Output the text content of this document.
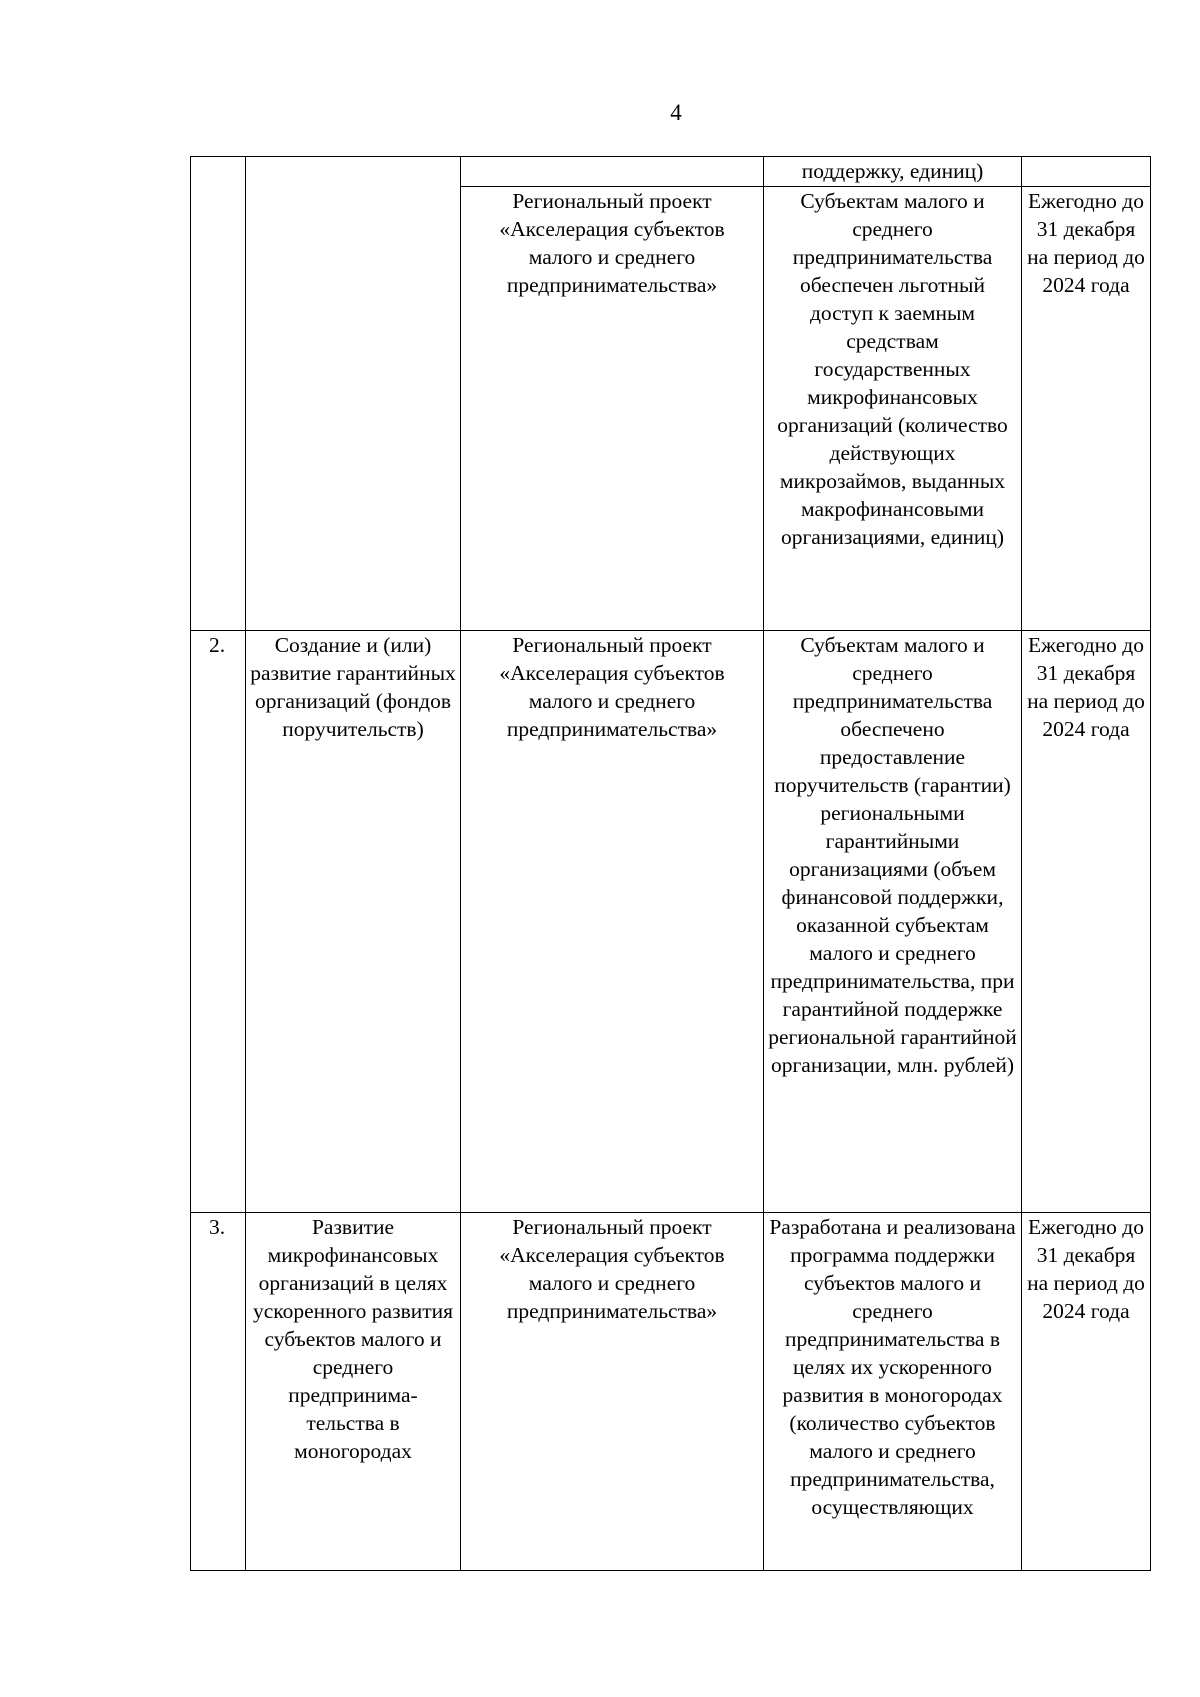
4
			поддержку, единиц)	
		Региональный проект «Акселерация субъектов малого и среднего предпринимательства»	Субъектам малого и среднего предпринимательства обеспечен льготный доступ к заемным средствам государственных микрофинансовых организаций (количество действующих микрозаймов, выданных макрофинансовыми организациями, единиц)	Ежегодно до 31 декабря на период до 2024 года
2.	Создание и (или) развитие гарантийных организаций (фондов поручительств)	Региональный проект «Акселерация субъектов малого и среднего предпринимательства»	Субъектам малого и среднего предпринимательства обеспечено предоставление поручительств (гарантии) региональными гарантийными организациями (объем финансовой поддержки, оказанной субъектам малого и среднего предпринимательства, при гарантийной поддержке региональной гарантийной организации, млн. рублей)	Ежегодно до 31 декабря на период до 2024 года
3.	Развитие микрофинансовых организаций в целях ускоренного развития субъектов малого и среднего предпринима-тельства в моногородах	Региональный проект «Акселерация субъектов малого и среднего предпринимательства»	Разработана и реализована программа поддержки субъектов малого и среднего предпринимательства в целях их ускоренного развития в моногородах (количество субъектов малого и среднего предпринимательства, осуществляющих	Ежегодно до 31 декабря на период до 2024 года
